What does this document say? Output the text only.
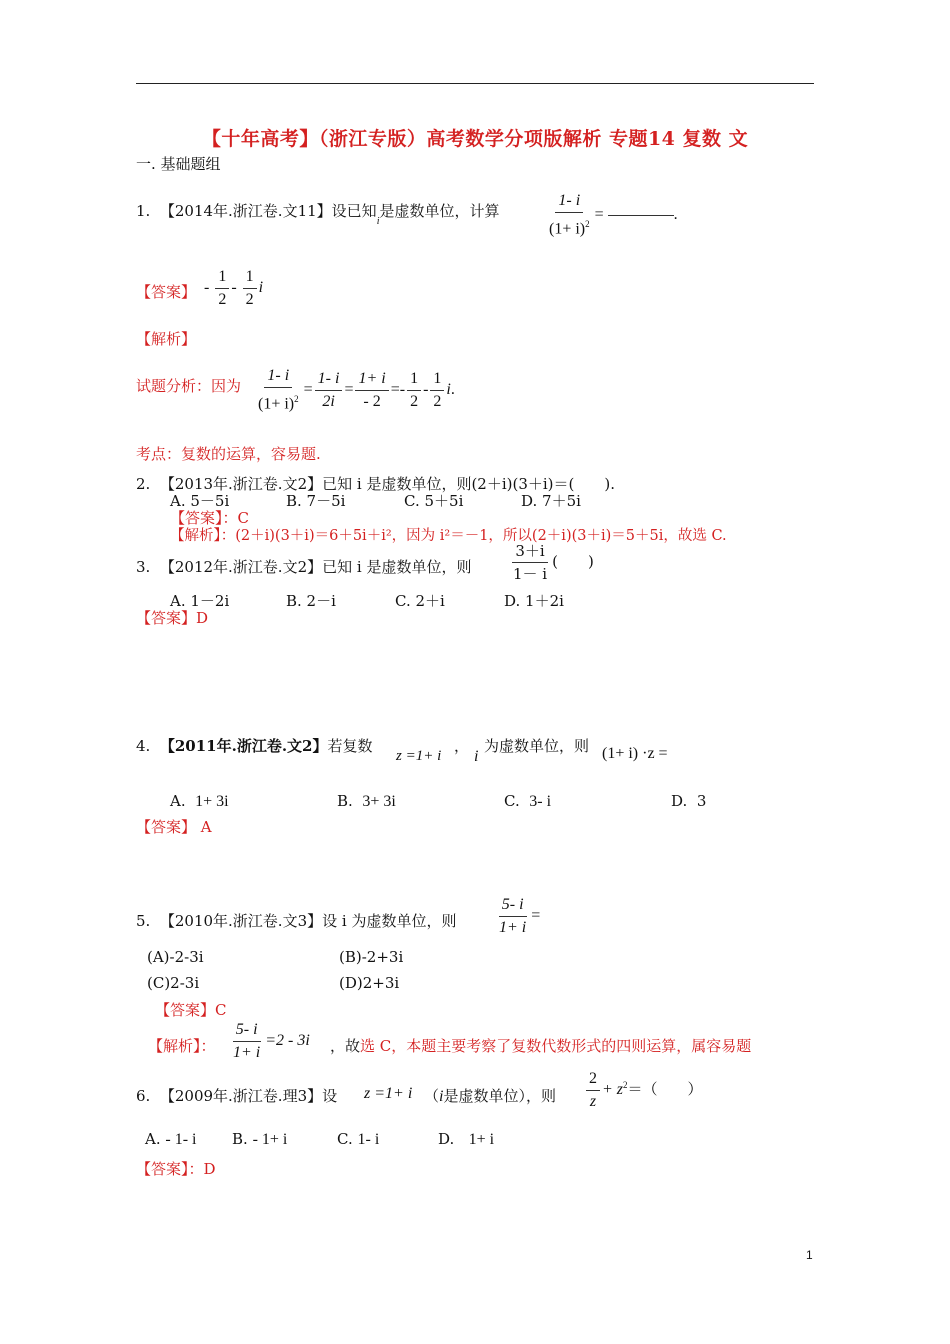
【十年高考】（浙江专版）高考数学分项版解析 专题14 复数 文
一. 基础题组
1. 【2014年.浙江卷.文11】设已知$_i$是虚数单位，计算	$\frac{1- i}{(1+ i)^2}$ =	.
【答案】 - $\frac{1}{2} - \frac{1}{2}$ i
【解析】
试题分析：因为 $\frac{1- i}{(1+ i)^2} = \frac{1- i}{2i} = \frac{1+ i}{- 2} =- \frac{1}{2} - \frac{1}{2} i$.
考点：复数的运算，容易题.
2. 【2013年.浙江卷.文2】已知 i 是虚数单位，则(2＋i)(3＋i)＝(　　).
A. 5－5i	B. 7－5i	C. 5＋5i	D. 7＋5i
【答案】：C
【解析】：(2＋i)(3＋i)＝6＋5i＋i²，因为 i²＝－1，所以(2＋i)(3＋i)＝5＋5i，故选 C.
3. 【2012年.浙江卷.文2】已知 i 是虚数单位，则	$\frac{3+i}{1- i}$ (　　)
A. 1－2i	B. 2－i	C. 2＋i	D. 1＋2i
【答案】D
4. 【2011年.浙江卷.文2】若复数
z =1+ i
，
i
为虚数单位，则 (1+ i) ·z =
A. 1+ 3i	B. 3+ 3i	C. 3- i	D. 3
【答案】 A
5. 【2010年.浙江卷.文3】设 i 为虚数单位，则 $\frac{5- i}{1+ i}$ =
(A)-2-3i	(B)-2+3i
(C)2-3i	(D)2+3i
【答案】C
【解析】： $\frac{5- i}{1+ i} =2 - 3i$ ，故选 C，本题主要考察了复数代数形式的四则运算，属容易题
6. 【2009年.浙江卷.理3】设 z =1+ i （i是虚数单位），则 $\frac{2}{z} + z^2=$（　　）
A. - 1- i B. - 1+ i	C. 1- i	D. 1+ i
【答案】：D
1
